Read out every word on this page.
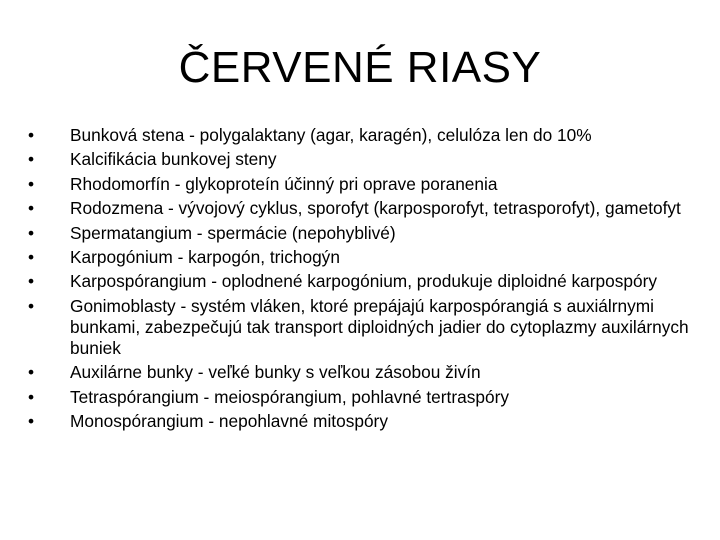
ČERVENÉ RIASY
•	Bunková stena - polygalaktany (agar, karagén), celulóza len do 10%
•	Kalcifikácia bunkovej steny
•	Rhodomorfín - glykoproteín účinný pri oprave poranenia
•	Rodozmena - vývojový cyklus, sporofyt (karposporofyt, tetrasporofyt), gametofyt
•	Spermatangium - spermácie (nepohyblivé)
•	Karpogónium - karpogón, trichogýn
•	Karpospórangium - oplodnené karpogónium, produkuje diploidné karpospóry
•	Gonimoblasty - systém vláken, ktoré prepájajú karpospórangiá s auxiálrnymi bunkami, zabezpečujú tak transport diploidných jadier do cytoplazmy auxilárnych buniek
•	Auxilárne bunky - veľké bunky s veľkou zásobou živín
•	Tetraspórangium - meiospórangium, pohlavné tertraspóry
•	Monospórangium - nepohlavné mitospóry
